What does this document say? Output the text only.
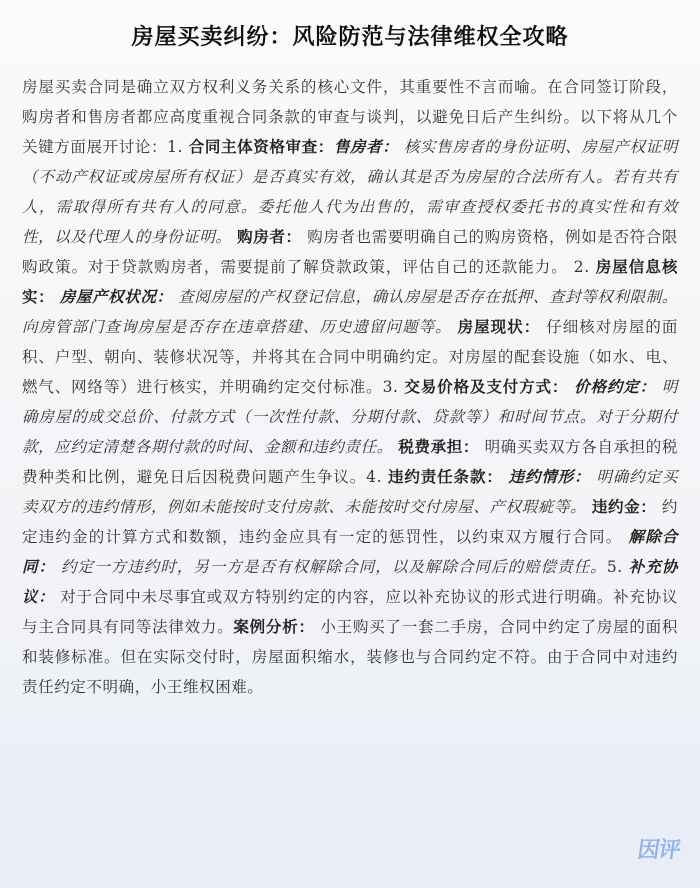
房屋买卖纠纷：风险防范与法律维权全攻略
房屋买卖合同是确立双方权利义务关系的核心文件，其重要性不言而喻。在合同签订阶段，购房者和售房者都应高度重视合同条款的审查与谈判，以避免日后产生纠纷。以下将从几个关键方面展开讨论：1. 合同主体资格审查：售房者： 核实售房者的身份证明、房屋产权证明（不动产权证或房屋所有权证）是否真实有效，确认其是否为房屋的合法所有人。若有共有人，需取得所有共有人的同意。委托他人代为出售的，需审查授权委托书的真实性和有效性，以及代理人的身份证明。 购房者： 购房者也需要明确自己的购房资格，例如是否符合限购政策。对于贷款购房者，需要提前了解贷款政策，评估自己的还款能力。 2. 房屋信息核实： 房屋产权状况： 查阅房屋的产权登记信息，确认房屋是否存在抵押、查封等权利限制。向房管部门查询房屋是否存在违章搭建、历史遗留问题等。 房屋现状： 仔细核对房屋的面积、户型、朝向、装修状况等，并将其在合同中明确约定。对房屋的配套设施（如水、电、燃气、网络等）进行核实，并明确约定交付标准。3. 交易价格及支付方式： 价格约定： 明确房屋的成交总价、付款方式（一次性付款、分期付款、贷款等）和时间节点。对于分期付款，应约定清楚各期付款的时间、金额和违约责任。 税费承担： 明确买卖双方各自承担的税费种类和比例，避免日后因税费问题产生争议。4. 违约责任条款： 违约情形： 明确约定买卖双方的违约情形，例如未能按时支付房款、未能按时交付房屋、产权瑕疵等。 违约金： 约定违约金的计算方式和数额，违约金应具有一定的惩罚性，以约束双方履行合同。 解除合同： 约定一方违约时，另一方是否有权解除合同，以及解除合同后的赔偿责任。5. 补充协议： 对于合同中未尽事宜或双方特别约定的内容，应以补充协议的形式进行明确。补充协议与主合同具有同等法律效力。案例分析： 小王购买了一套二手房，合同中约定了房屋的面积和装修标准。但在实际交付时，房屋面积缩水，装修也与合同约定不符。由于合同中对违约责任约定不明确，小王维权困难。
因评
